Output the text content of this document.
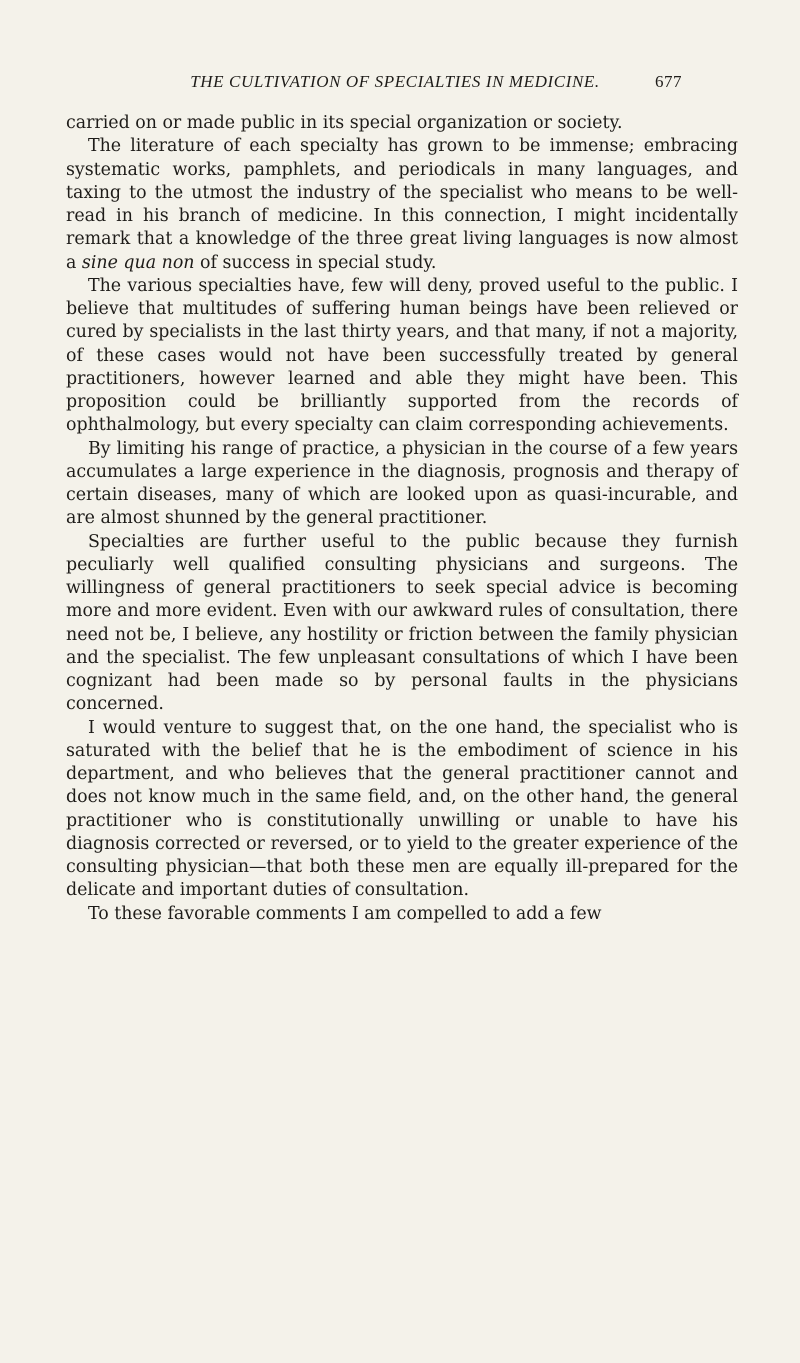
THE CULTIVATION OF SPECIALTIES IN MEDICINE.	677

carried on or made public in its special organization or society.

The literature of each specialty has grown to be immense; embracing systematic works, pamphlets, and periodicals in many languages, and taxing to the utmost the industry of the specialist who means to be well-read in his branch of medicine. In this connection, I might incidentally remark that a knowledge of the three great living languages is now almost a sine qua non of success in special study.

The various specialties have, few will deny, proved useful to the public. I believe that multitudes of suffering human beings have been relieved or cured by specialists in the last thirty years, and that many, if not a majority, of these cases would not have been successfully treated by general practitioners, however learned and able they might have been. This proposition could be brilliantly supported from the records of ophthalmology, but every specialty can claim corresponding achievements.

By limiting his range of practice, a physician in the course of a few years accumulates a large experience in the diagnosis, prognosis and therapy of certain diseases, many of which are looked upon as quasi-incurable, and are almost shunned by the general practitioner.

Specialties are further useful to the public because they furnish peculiarly well qualified consulting physicians and surgeons. The willingness of general practitioners to seek special advice is becoming more and more evident. Even with our awkward rules of consultation, there need not be, I believe, any hostility or friction between the family physician and the specialist. The few unpleasant consultations of which I have been cognizant had been made so by personal faults in the physicians concerned.

I would venture to suggest that, on the one hand, the specialist who is saturated with the belief that he is the embodiment of science in his department, and who believes that the general practitioner cannot and does not know much in the same field, and, on the other hand, the general practitioner who is constitutionally unwilling or unable to have his diagnosis corrected or reversed, or to yield to the greater experience of the consulting physician—that both these men are equally ill-prepared for the delicate and important duties of consultation.

To these favorable comments I am compelled to add a few
